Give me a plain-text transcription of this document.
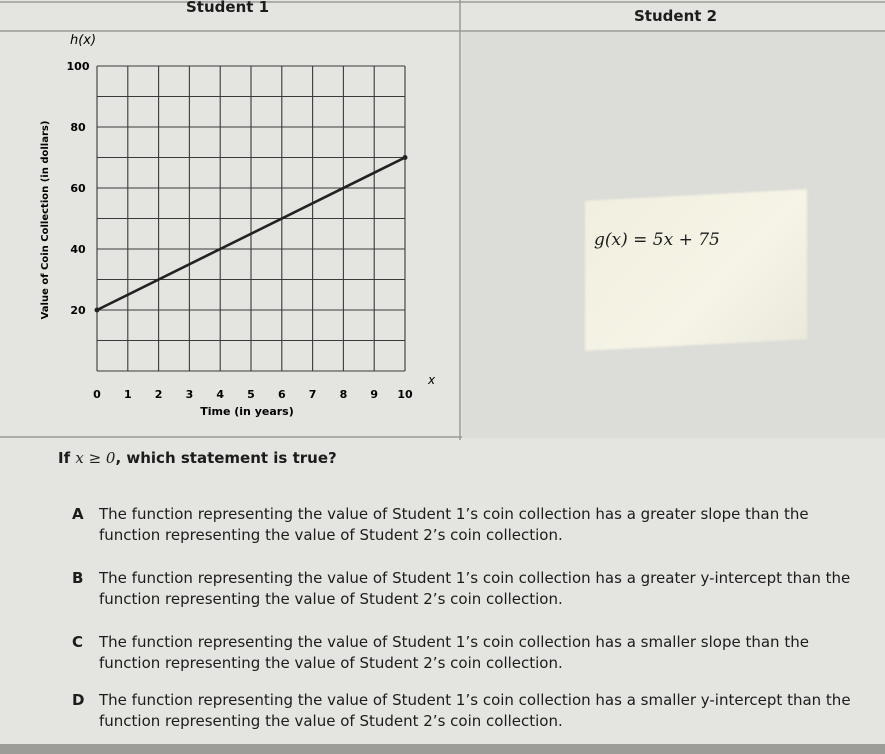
Student 1	Student 2
0 1 2 3 4 5 6 7 8 9 10
20
40
60
80
100
h(x)
Time (in years)
Value of Coin Collection (in dollars)
x
g(x) = 5x + 75
If x ≥ 0, which statement is true?
A The function representing the value of Student 1’s coin collection has a greater slope than the function representing the value of Student 2’s coin collection.
B The function representing the value of Student 1’s coin collection has a greater y-intercept than the function representing the value of Student 2’s coin collection.
C The function representing the value of Student 1’s coin collection has a smaller slope than the function representing the value of Student 2’s coin collection.
D The function representing the value of Student 1’s coin collection has a smaller y-intercept than the function representing the value of Student 2’s coin collection.
